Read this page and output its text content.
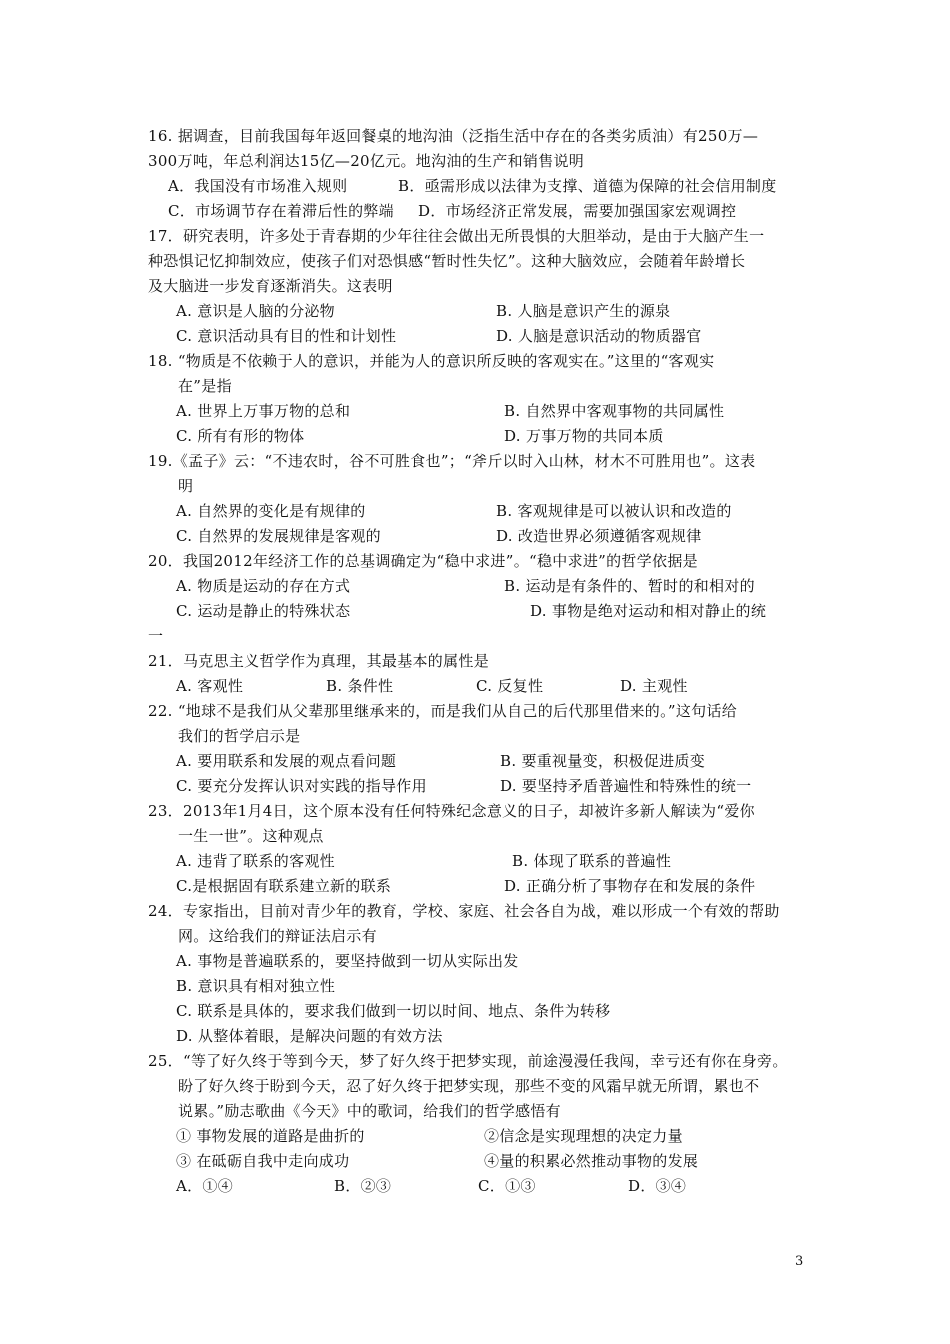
16. 据调查，目前我国每年返回餐桌的地沟油（泛指生活中存在的各类劣质油）有250万—
300万吨，年总利润达15亿—20亿元。地沟油的生产和销售说明
A．我国没有市场准入规则	B．亟需形成以法律为支撑、道德为保障的社会信用制度
C．市场调节存在着滞后性的弊端 D．市场经济正常发展，需要加强国家宏观调控
17．研究表明，许多处于青春期的少年往往会做出无所畏惧的大胆举动，是由于大脑产生一
种恐惧记忆抑制效应，使孩子们对恐惧感“暂时性失忆”。这种大脑效应，会随着年龄增长
及大脑进一步发育逐渐消失。这表明
A. 意识是人脑的分泌物	B. 人脑是意识产生的源泉
C. 意识活动具有目的性和计划性	D. 人脑是意识活动的物质器官
18. “物质是不依赖于人的意识，并能为人的意识所反映的客观实在。”这里的“客观实
在”是指
A. 世界上万事万物的总和	B. 自然界中客观事物的共同属性
C. 所有有形的物体	D. 万事万物的共同本质
19.《孟子》云：“不违农时，谷不可胜食也”；“斧斤以时入山林，材木不可胜用也”。这表
明
A. 自然界的变化是有规律的	B. 客观规律是可以被认识和改造的
C. 自然界的发展规律是客观的	D. 改造世界必须遵循客观规律
20．我国2012年经济工作的总基调确定为“稳中求进”。“稳中求进”的哲学依据是
A. 物质是运动的存在方式	B. 运动是有条件的、暂时的和相对的
C. 运动是静止的特殊状态	D. 事物是绝对运动和相对静止的统
一
21．马克思主义哲学作为真理，其最基本的属性是
A. 客观性	B. 条件性	C. 反复性	D. 主观性
22. “地球不是我们从父辈那里继承来的，而是我们从自己的后代那里借来的。”这句话给
我们的哲学启示是
A. 要用联系和发展的观点看问题	B. 要重视量变，积极促进质变
C. 要充分发挥认识对实践的指导作用	D. 要坚持矛盾普遍性和特殊性的统一
23．2013年1月4日，这个原本没有任何特殊纪念意义的日子，却被许多新人解读为“爱你
一生一世”。这种观点
A. 违背了联系的客观性	B. 体现了联系的普遍性
C.是根据固有联系建立新的联系	D. 正确分析了事物存在和发展的条件
24．专家指出，目前对青少年的教育，学校、家庭、社会各自为战，难以形成一个有效的帮助
网。这给我们的辩证法启示有
A. 事物是普遍联系的，要坚持做到一切从实际出发
B. 意识具有相对独立性
C. 联系是具体的，要求我们做到一切以时间、地点、条件为转移
D. 从整体着眼，是解决问题的有效方法
25．“等了好久终于等到今天，梦了好久终于把梦实现，前途漫漫任我闯，幸亏还有你在身旁。
盼了好久终于盼到今天，忍了好久终于把梦实现，那些不变的风霜早就无所谓，累也不
说累。”励志歌曲《今天》中的歌词，给我们的哲学感悟有
① 事物发展的道路是曲折的	②信念是实现理想的决定力量
③ 在砥砺自我中走向成功	④量的积累必然推动事物的发展
A．①④	B．②③	C．①③	D．③④
3
